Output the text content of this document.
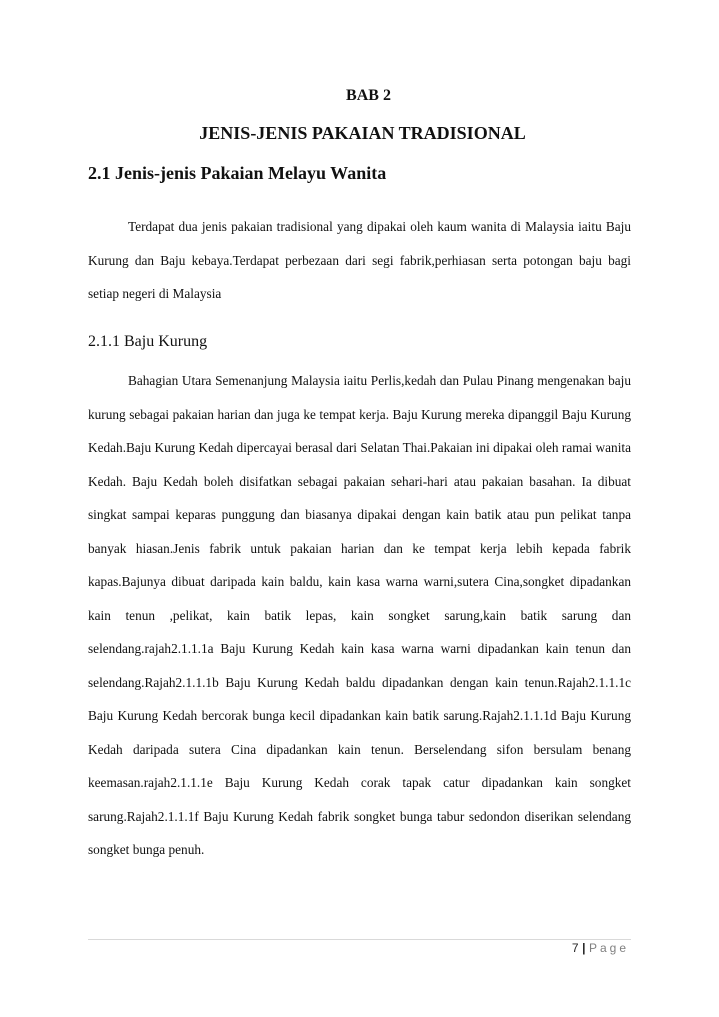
BAB 2
JENIS-JENIS PAKAIAN TRADISIONAL
2.1 Jenis-jenis Pakaian Melayu Wanita

Terdapat dua jenis pakaian tradisional yang dipakai oleh kaum wanita di Malaysia iaitu Baju Kurung dan Baju kebaya.Terdapat perbezaan dari segi fabrik,perhiasan serta potongan baju bagi setiap negeri di Malaysia

2.1.1 Baju Kurung

Bahagian Utara Semenanjung Malaysia iaitu Perlis,kedah dan Pulau Pinang mengenakan baju kurung sebagai pakaian harian dan juga ke tempat kerja. Baju Kurung mereka dipanggil Baju Kurung Kedah.Baju Kurung Kedah dipercayai berasal dari Selatan Thai.Pakaian ini dipakai oleh ramai wanita Kedah. Baju Kedah boleh disifatkan sebagai pakaian sehari-hari atau pakaian basahan. Ia dibuat singkat sampai keparas punggung dan biasanya dipakai dengan kain batik atau pun pelikat tanpa banyak hiasan.Jenis fabrik untuk pakaian harian dan ke tempat kerja lebih kepada fabrik kapas.Bajunya dibuat daripada kain baldu, kain kasa warna warni,sutera Cina,songket dipadankan kain tenun ,pelikat, kain batik lepas, kain songket sarung,kain batik sarung dan selendang.rajah2.1.1.1a Baju Kurung Kedah kain kasa warna warni dipadankan kain tenun dan selendang.Rajah2.1.1.1b Baju Kurung Kedah baldu dipadankan dengan kain tenun.Rajah2.1.1.1c Baju Kurung Kedah bercorak bunga kecil dipadankan kain batik sarung.Rajah2.1.1.1d Baju Kurung Kedah daripada sutera Cina dipadankan kain tenun. Berselendang sifon bersulam benang keemasan.rajah2.1.1.1e Baju Kurung Kedah corak tapak catur dipadankan kain songket sarung.Rajah2.1.1.1f Baju Kurung Kedah fabrik songket bunga tabur sedondon diserikan selendang songket bunga penuh.

7 | Page
